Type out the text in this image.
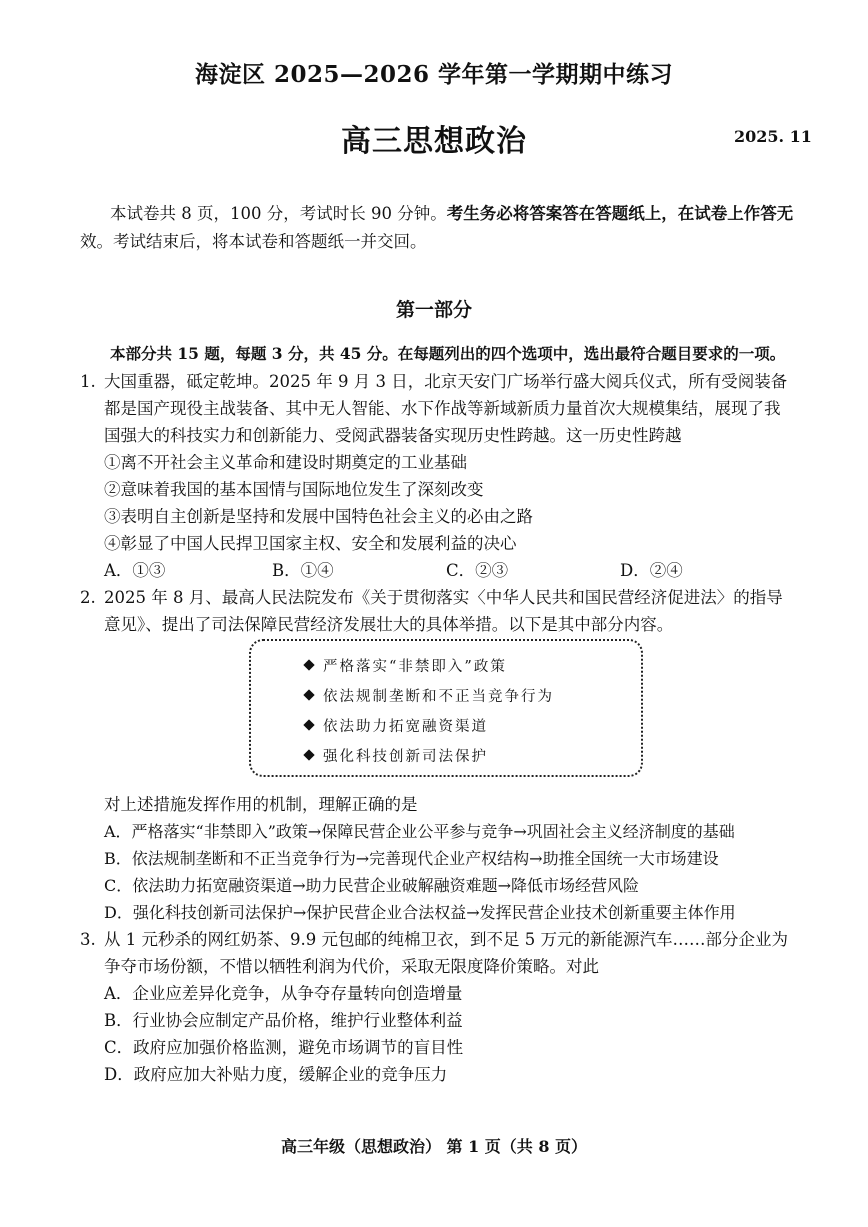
海淀区 2025—2026 学年第一学期期中练习
高三思想政治	2025. 11
本试卷共 8 页，100 分，考试时长 90 分钟。考生务必将答案答在答题纸上，在试卷上作答无
效。考试结束后，将本试卷和答题纸一并交回。
第一部分
本部分共 15 题，每题 3 分，共 45 分。在每题列出的四个选项中，选出最符合题目要求的一项。
1. 大国重器，砥定乾坤。2025 年 9 月 3 日，北京天安门广场举行盛大阅兵仪式，所有受阅装备
都是国产现役主战装备、其中无人智能、水下作战等新域新质力量首次大规模集结，展现了我
国强大的科技实力和创新能力、受阅武器装备实现历史性跨越。这一历史性跨越
①离不开社会主义革命和建设时期奠定的工业基础
②意味着我国的基本国情与国际地位发生了深刻改变
③表明自主创新是坚持和发展中国特色社会主义的必由之路
④彰显了中国人民捍卫国家主权、安全和发展利益的决心
A．①③	B．①④	C．②③	D．②④
2. 2025 年 8 月、最高人民法院发布《关于贯彻落实〈中华人民共和国民营经济促进法〉的指导
意见》、提出了司法保障民营经济发展壮大的具体举措。以下是其中部分内容。
严格落实“非禁即入”政策
依法规制垄断和不正当竞争行为
依法助力拓宽融资渠道
强化科技创新司法保护
对上述措施发挥作用的机制，理解正确的是
A．严格落实“非禁即入”政策→保障民营企业公平参与竞争→巩固社会主义经济制度的基础
B．依法规制垄断和不正当竞争行为→完善现代企业产权结构→助推全国统一大市场建设
C．依法助力拓宽融资渠道→助力民营企业破解融资难题→降低市场经营风险
D．强化科技创新司法保护→保护民营企业合法权益→发挥民营企业技术创新重要主体作用
3. 从 1 元秒杀的网红奶茶、9.9 元包邮的纯棉卫衣，到不足 5 万元的新能源汽车……部分企业为
争夺市场份额，不惜以牺牲利润为代价，采取无限度降价策略。对此
A．企业应差异化竞争，从争夺存量转向创造增量
B．行业协会应制定产品价格，维护行业整体利益
C．政府应加强价格监测，避免市场调节的盲目性
D．政府应加大补贴力度，缓解企业的竞争压力
高三年级（思想政治） 第 1 页（共 8 页）
